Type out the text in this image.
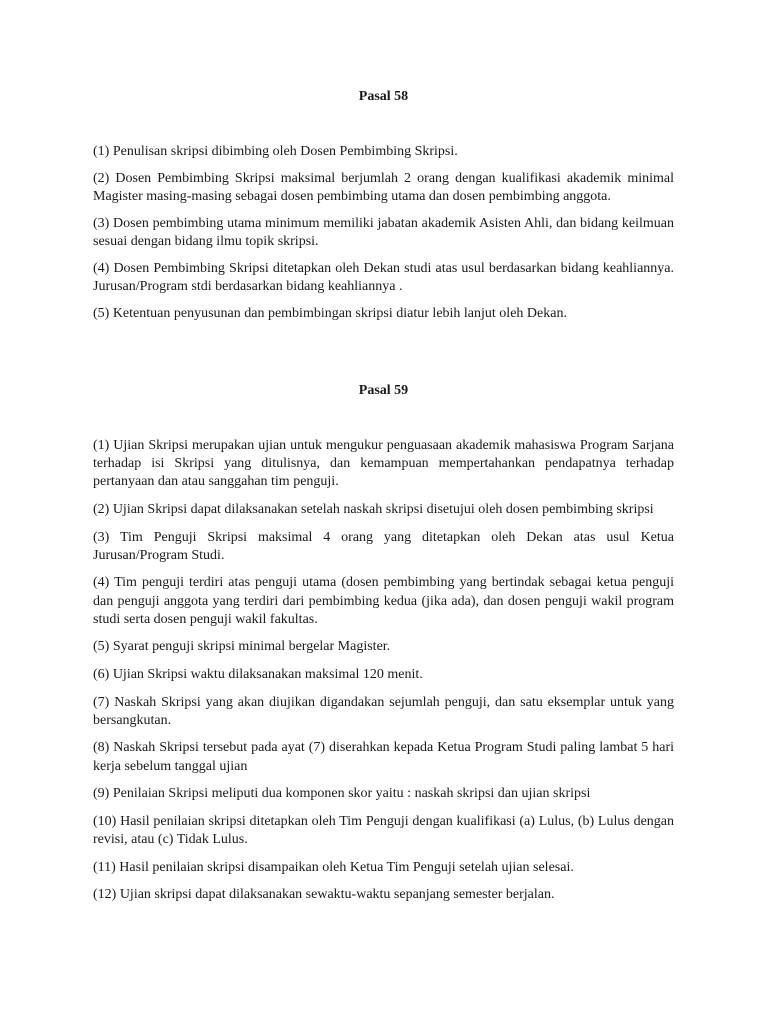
Pasal 58

(1) Penulisan skripsi dibimbing oleh Dosen Pembimbing Skripsi.

(2) Dosen Pembimbing Skripsi maksimal berjumlah 2 orang dengan kualifikasi akademik minimal Magister masing-masing sebagai dosen pembimbing utama dan dosen pembimbing anggota.

(3) Dosen pembimbing utama minimum memiliki jabatan akademik Asisten Ahli, dan bidang keilmuan sesuai dengan bidang ilmu topik skripsi.

(4) Dosen Pembimbing Skripsi ditetapkan oleh Dekan studi atas usul berdasarkan bidang keahliannya. Jurusan/Program stdi berdasarkan bidang keahliannya .

(5) Ketentuan penyusunan dan pembimbingan skripsi diatur lebih lanjut oleh Dekan.

Pasal 59

(1) Ujian Skripsi merupakan ujian untuk mengukur penguasaan akademik mahasiswa Program Sarjana terhadap isi Skripsi yang ditulisnya, dan kemampuan mempertahankan pendapatnya terhadap pertanyaan dan atau sanggahan tim penguji.

(2) Ujian Skripsi dapat dilaksanakan setelah naskah skripsi disetujui oleh dosen pembimbing skripsi

(3) Tim Penguji Skripsi maksimal 4 orang yang ditetapkan oleh Dekan atas usul Ketua Jurusan/Program Studi.

(4) Tim penguji terdiri atas penguji utama (dosen pembimbing yang bertindak sebagai ketua penguji dan penguji anggota yang terdiri dari pembimbing kedua (jika ada), dan dosen penguji wakil program studi serta dosen penguji wakil fakultas.

(5) Syarat penguji skripsi minimal bergelar Magister.

(6) Ujian Skripsi waktu dilaksanakan maksimal 120 menit.

(7) Naskah Skripsi yang akan diujikan digandakan sejumlah penguji, dan satu eksemplar untuk yang bersangkutan.

(8) Naskah Skripsi tersebut pada ayat (7) diserahkan kepada Ketua Program Studi paling lambat 5 hari kerja sebelum tanggal ujian

(9) Penilaian Skripsi meliputi dua komponen skor yaitu : naskah skripsi dan ujian skripsi

(10) Hasil penilaian skripsi ditetapkan oleh Tim Penguji dengan kualifikasi (a) Lulus, (b) Lulus dengan revisi, atau (c) Tidak Lulus.

(11) Hasil penilaian skripsi disampaikan oleh Ketua Tim Penguji setelah ujian selesai.

(12) Ujian skripsi dapat dilaksanakan sewaktu-waktu sepanjang semester berjalan.
